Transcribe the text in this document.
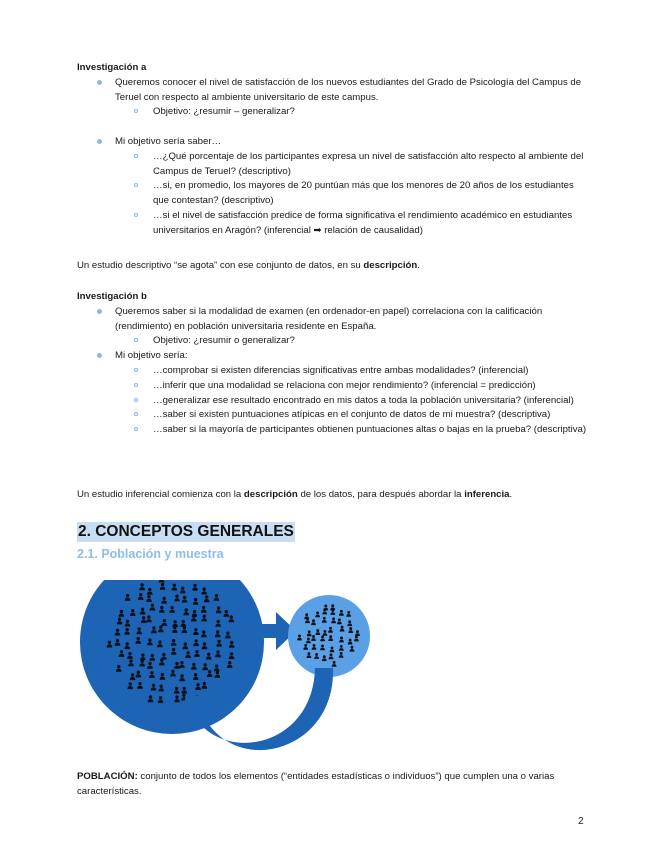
Investigación a
Queremos conocer el nivel de satisfacción de los nuevos estudiantes del Grado de Psicología del Campus de Teruel con respecto al ambiente universitario de este campus.
Objetivo: ¿resumir – generalizar?
Mi objetivo sería saber…
…¿Qué porcentaje de los participantes expresa un nivel de satisfacción alto respecto al ambiente del Campus de Teruel? (descriptivo)
…si, en promedio, los mayores de 20 puntúan más que los menores de 20 años de los estudiantes que contestan? (descriptivo)
…si el nivel de satisfacción predice de forma significativa el rendimiento académico en estudiantes universitarios en Aragón? (inferencial ➡ relación de causalidad)
Un estudio descriptivo “se agota” con ese conjunto de datos, en su descripción.
Investigación b
Queremos saber si la modalidad de examen (en ordenador-en papel) correlaciona con la calificación (rendimiento) en población universitaria residente en España.
Objetivo: ¿resumir o generalizar?
Mi objetivo sería:
…comprobar si existen diferencias significativas entre ambas modalidades? (inferencial)
…inferir que una modalidad se relaciona con mejor rendimiento? (inferencial = predicción)
…generalizar ese resultado encontrado en mis datos a toda la población universitaria? (inferencial)
…saber si existen puntuaciones atípicas en el conjunto de datos de mi muestra? (descriptiva)
…saber si la mayoría de participantes obtienen puntuaciones altas o bajas en la prueba? (descriptiva)
Un estudio inferencial comienza con la descripción de los datos, para después abordar la inferencia.
2. CONCEPTOS GENERALES
2.1. Población y muestra
POBLACIÓN: conjunto de todos los elementos (“entidades estadísticas o individuos”) que cumplen una o varias características.
2
